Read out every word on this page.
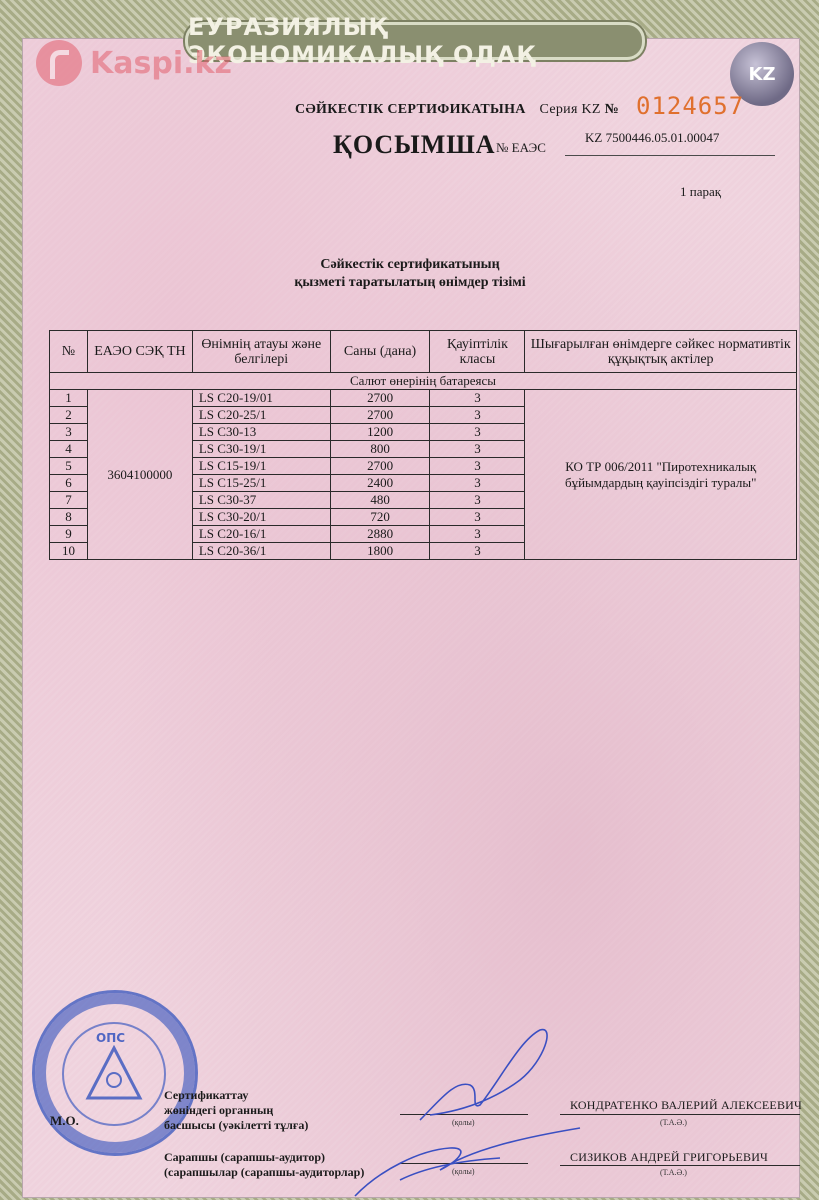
ЕУРАЗИЯЛЫҚ ЭКОНОМИКАЛЫҚ ОДАҚ
Kaspi.kz	KZ
СӘЙКЕСТІК СЕРТИФИКАТЫНА Серия KZ № 0124657
ҚОСЫМША № ЕАЭС
KZ 7500446.05.01.00047
1 парақ
Сәйкестік сертификатының
қызметі таратылатың өнімдер тізімі
№	ЕАЭО СЭҚ ТН	Өнімнің атауы және белгілері	Саны (дана)	Қауіптілік класы	Шығарылған өнімдерге сәйкес нормативтік құқықтық актілер
Салют өнерінің батареясы					
1	3604100000	LS C20-19/01	2700	3	КО ТР 006/2011 "Пиротехникалық бұйымдардың қауіпсіздігі туралы"
2		LS C20-25/1	2700	3	
3		LS C30-13	1200	3	
4		LS C30-19/1	800	3	
5		LS C15-19/1	2700	3	
6		LS C15-25/1	2400	3	
7		LS C30-37	480	3	
8		LS C30-20/1	720	3	
9		LS C20-16/1	2880	3	
10		LS C20-36/1	1800	3	
ОПС
М.О.
Сертификаттау
жөніндегі органның
басшысы (уәкілетті тұлға)	(қолы)
КОНДРАТЕНКО ВАЛЕРИЙ АЛЕКСЕЕВИЧ
(Т.А.Ә.)
Сарапшы (сарапшы-аудитор)
(сарапшылар (сарапшы-аудиторлар)	(қолы)
СИЗИКОВ АНДРЕЙ ГРИГОРЬЕВИЧ
(Т.А.Ә.)
